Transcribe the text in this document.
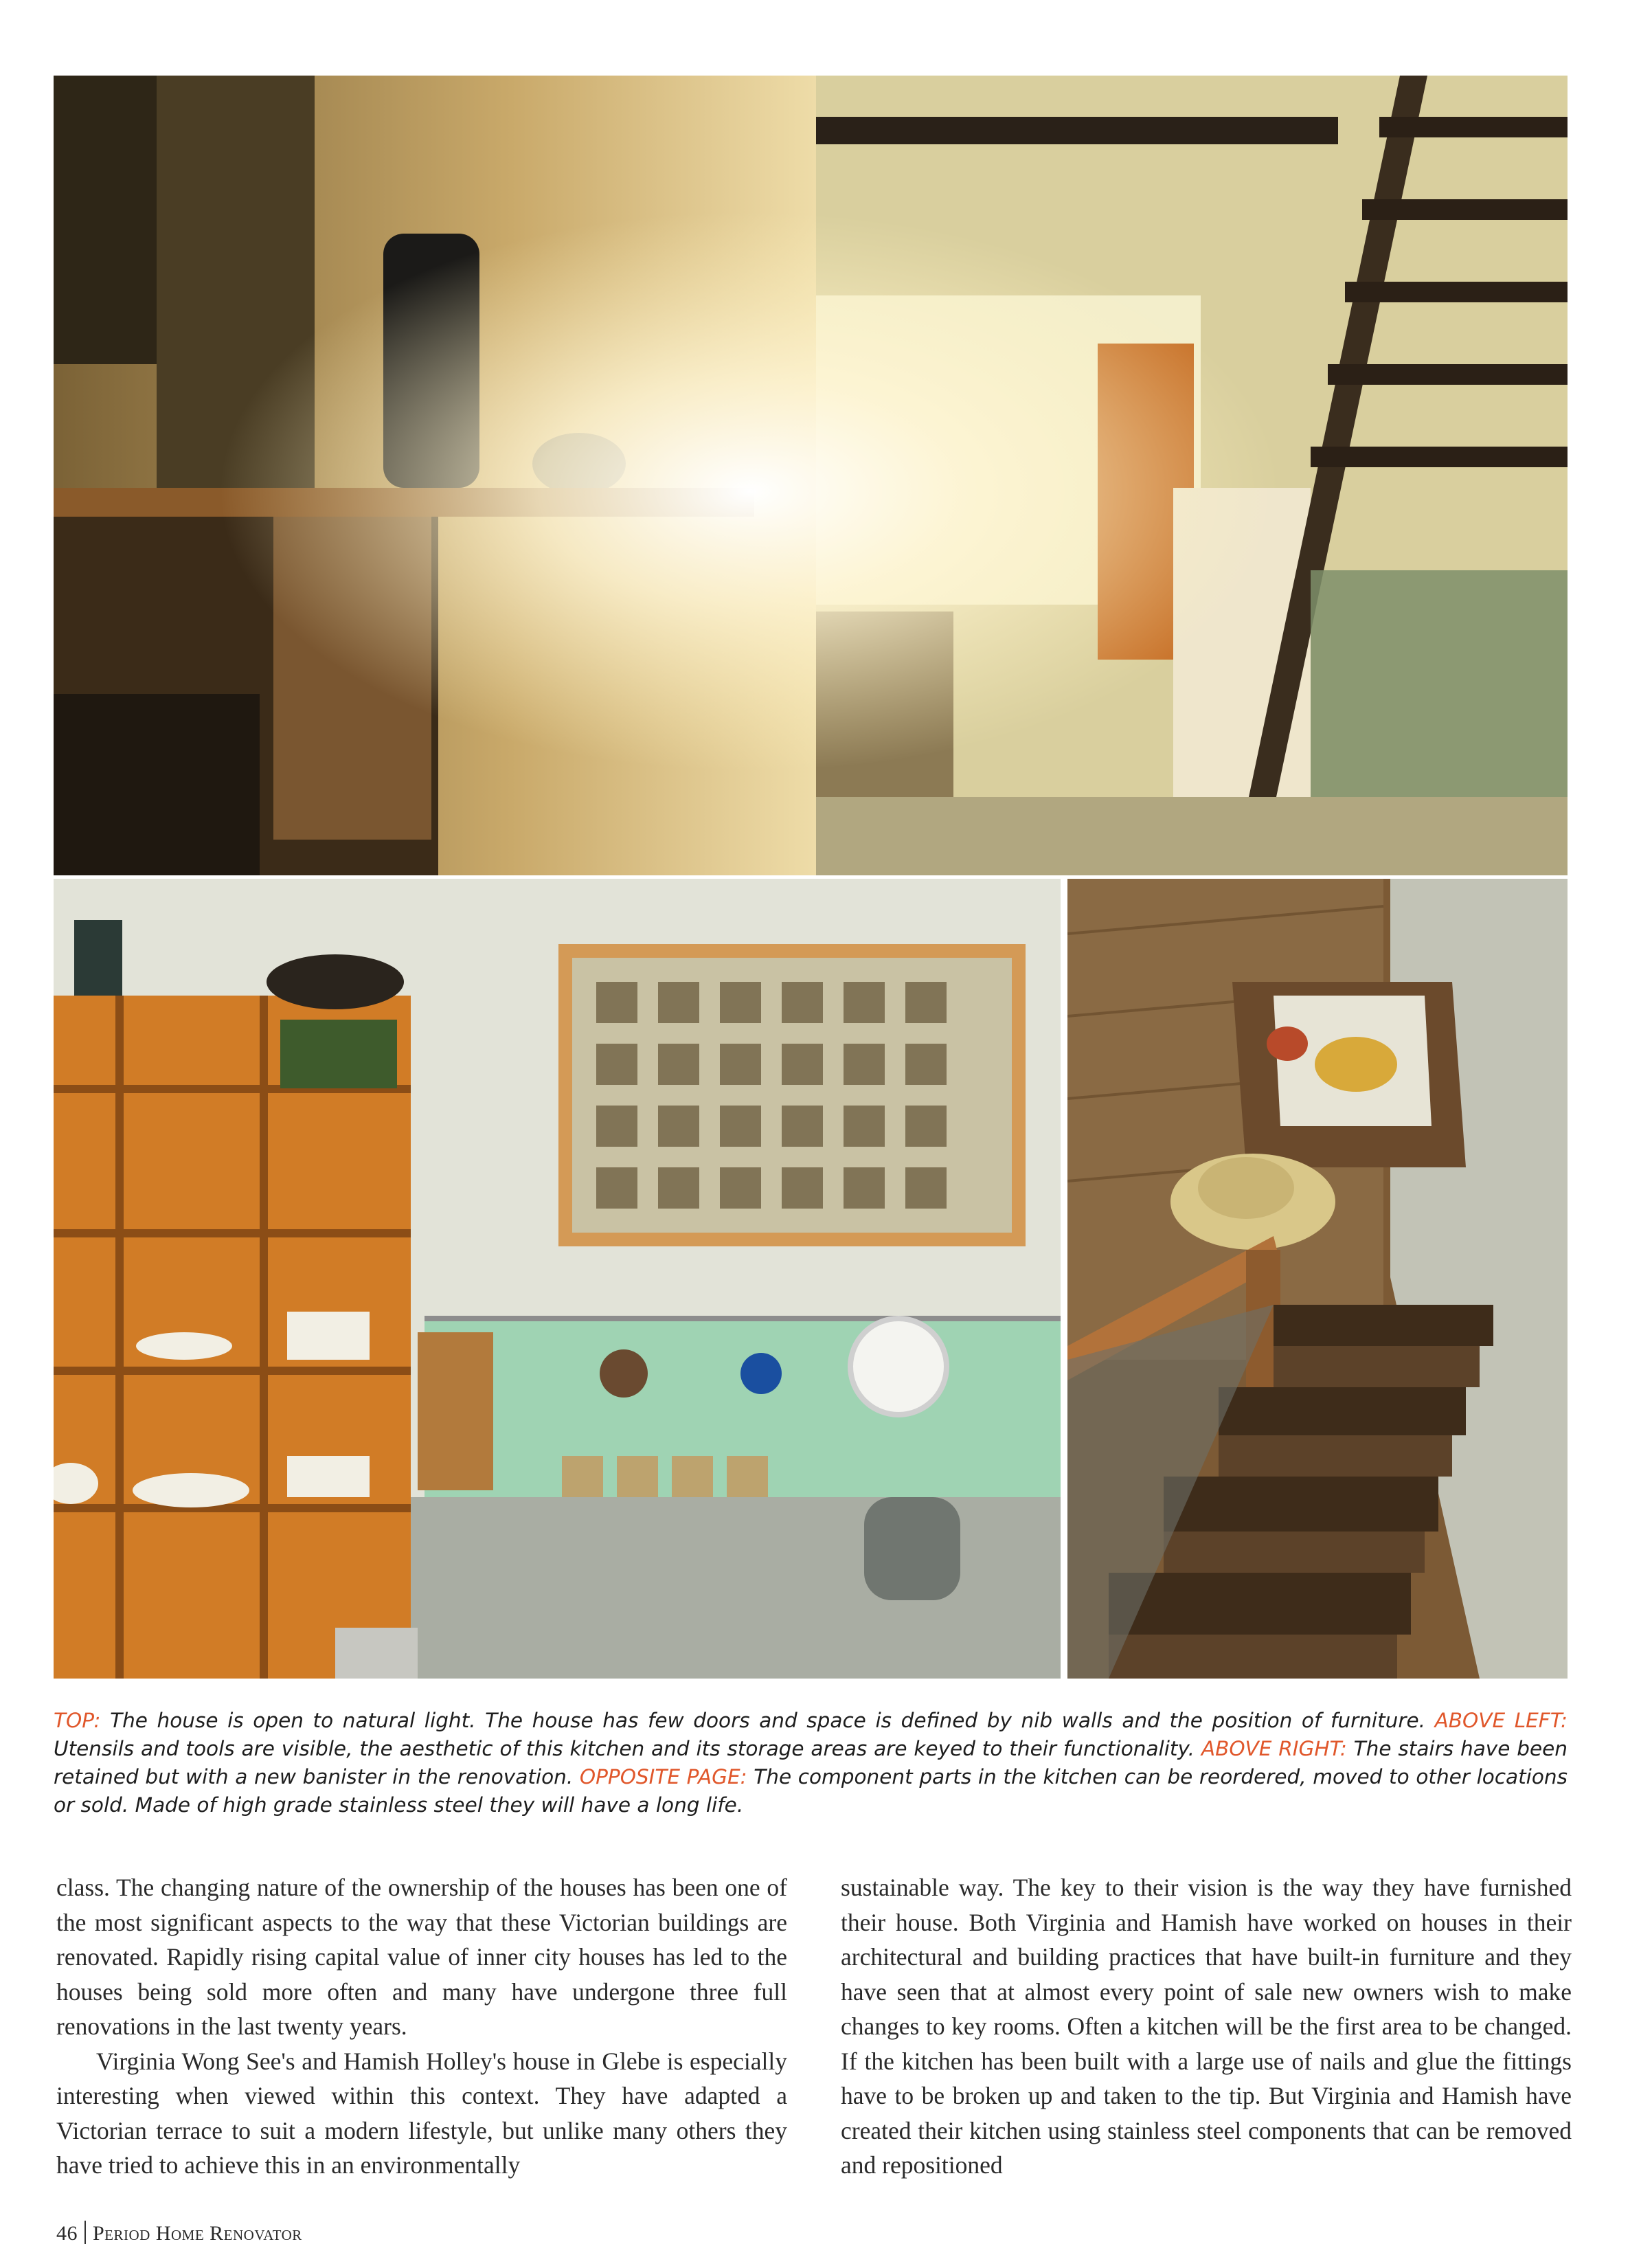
TOP: The house is open to natural light. The house has few doors and space is defined by nib walls and the position of furniture. ABOVE LEFT: Utensils and tools are visible, the aesthetic of this kitchen and its storage areas are keyed to their functionality. ABOVE RIGHT: The stairs have been retained but with a new banister in the renovation. OPPOSITE PAGE: The component parts in the kitchen can be reordered, moved to other locations or sold. Made of high grade stainless steel they will have a long life.

class. The changing nature of the ownership of the houses has been one of the most significant aspects to the way that these Victorian buildings are renovated. Rapidly rising capital value of inner city houses has led to the houses being sold more often and many have undergone three full renovations in the last twenty years.

Virginia Wong See's and Hamish Holley's house in Glebe is especially interesting when viewed within this context. They have adapted a Victorian terrace to suit a modern lifestyle, but unlike many others they have tried to achieve this in an environmentally

sustainable way. The key to their vision is the way they have furnished their house. Both Virginia and Hamish have worked on houses in their architectural and building practices that have built-in furniture and they have seen that at almost every point of sale new owners wish to make changes to key rooms. Often a kitchen will be the first area to be changed. If the kitchen has been built with a large use of nails and glue the fittings have to be broken up and taken to the tip. But Virginia and Hamish have created their kitchen using stainless steel components that can be removed and repositioned

46 Period Home Renovator
